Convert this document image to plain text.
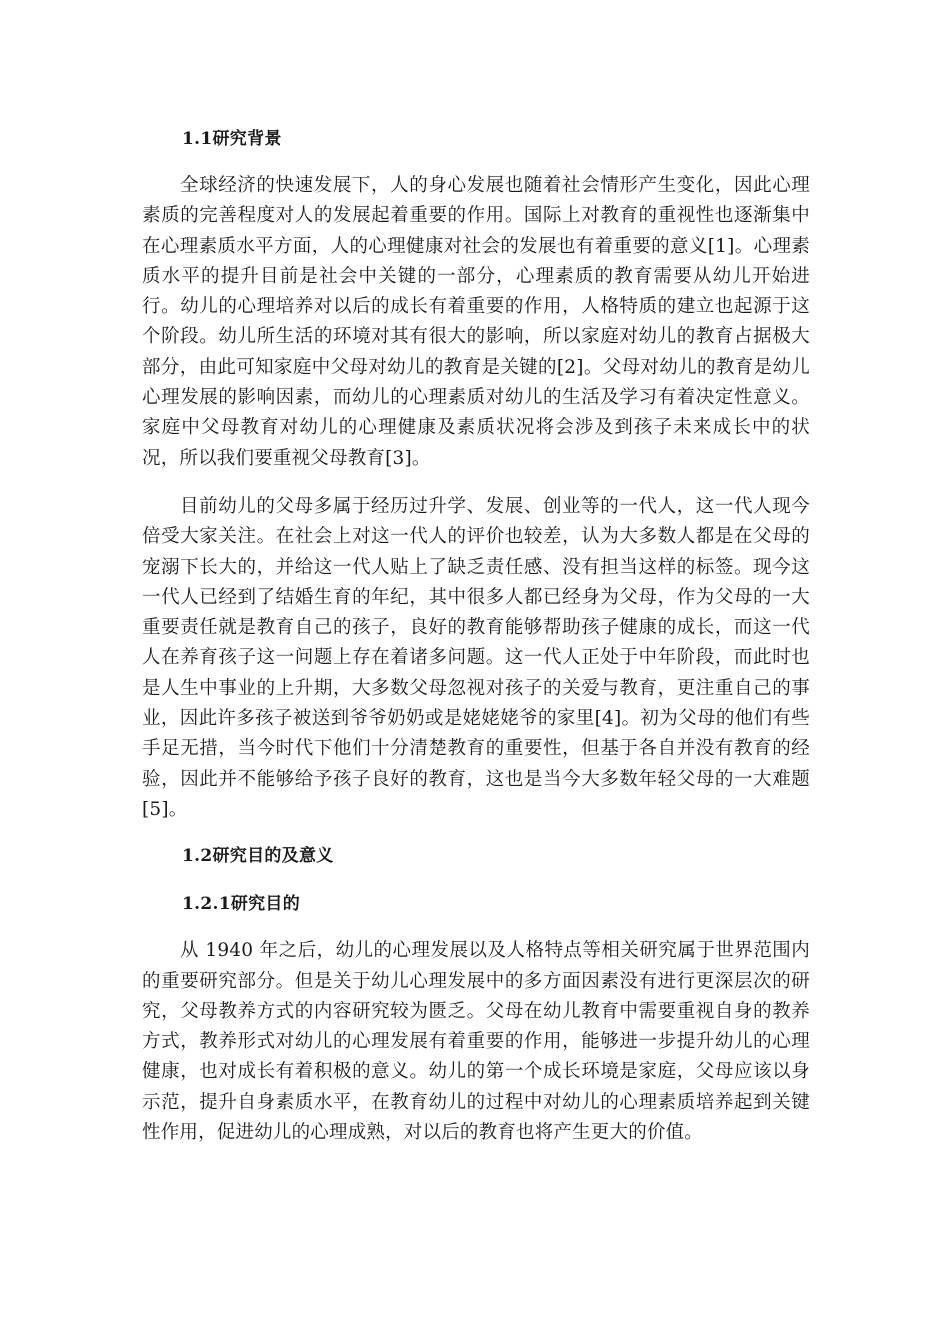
1.1研究背景

全球经济的快速发展下，人的身心发展也随着社会情形产生变化，因此心理素质的完善程度对人的发展起着重要的作用。国际上对教育的重视性也逐渐集中在心理素质水平方面，人的心理健康对社会的发展也有着重要的意义[1]。心理素质水平的提升目前是社会中关键的一部分，心理素质的教育需要从幼儿开始进行。幼儿的心理培养对以后的成长有着重要的作用，人格特质的建立也起源于这个阶段。幼儿所生活的环境对其有很大的影响，所以家庭对幼儿的教育占据极大部分，由此可知家庭中父母对幼儿的教育是关键的[2]。父母对幼儿的教育是幼儿心理发展的影响因素，而幼儿的心理素质对幼儿的生活及学习有着决定性意义。家庭中父母教育对幼儿的心理健康及素质状况将会涉及到孩子未来成长中的状况，所以我们要重视父母教育[3]。

目前幼儿的父母多属于经历过升学、发展、创业等的一代人，这一代人现今倍受大家关注。在社会上对这一代人的评价也较差，认为大多数人都是在父母的宠溺下长大的，并给这一代人贴上了缺乏责任感、没有担当这样的标签。现今这一代人已经到了结婚生育的年纪，其中很多人都已经身为父母，作为父母的一大重要责任就是教育自己的孩子，良好的教育能够帮助孩子健康的成长，而这一代人在养育孩子这一问题上存在着诸多问题。这一代人正处于中年阶段，而此时也是人生中事业的上升期，大多数父母忽视对孩子的关爱与教育，更注重自己的事业，因此许多孩子被送到爷爷奶奶或是姥姥姥爷的家里[4]。初为父母的他们有些手足无措，当今时代下他们十分清楚教育的重要性，但基于各自并没有教育的经验，因此并不能够给予孩子良好的教育，这也是当今大多数年轻父母的一大难题[5]。

1.2研究目的及意义
1.2.1研究目的

从 1940 年之后，幼儿的心理发展以及人格特点等相关研究属于世界范围内的重要研究部分。但是关于幼儿心理发展中的多方面因素没有进行更深层次的研究，父母教养方式的内容研究较为匮乏。父母在幼儿教育中需要重视自身的教养方式，教养形式对幼儿的心理发展有着重要的作用，能够进一步提升幼儿的心理健康，也对成长有着积极的意义。幼儿的第一个成长环境是家庭，父母应该以身示范，提升自身素质水平，在教育幼儿的过程中对幼儿的心理素质培养起到关键性作用，促进幼儿的心理成熟，对以后的教育也将产生更大的价值。
